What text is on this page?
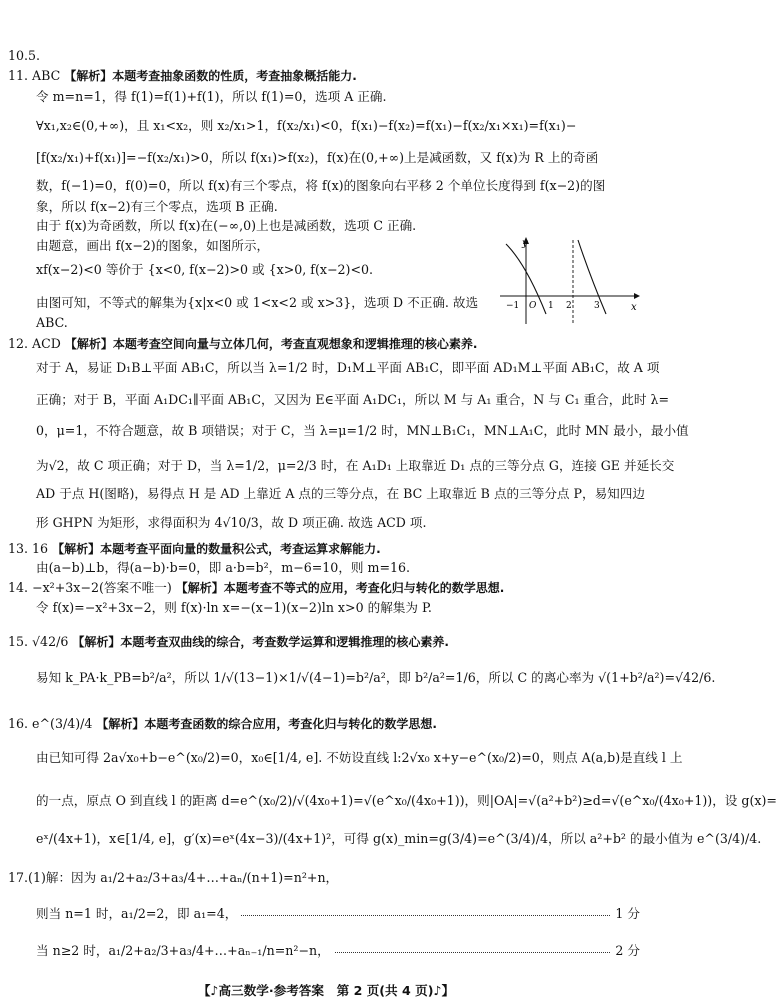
10.5.
11. ABC 【解析】本题考查抽象函数的性质，考查抽象概括能力.
令 m=n=1，得 f(1)=f(1)+f(1)，所以 f(1)=0，选项 A 正确.
∀x₁,x₂∈(0,+∞)，且 x₁<x₂，则 x₂/x₁>1，f(x₂/x₁)<0，f(x₁)−f(x₂)=f(x₁)−f(x₂/x₁×x₁)=f(x₁)−
[f(x₂/x₁)+f(x₁)]=−f(x₂/x₁)>0，所以 f(x₁)>f(x₂)，f(x)在(0,+∞)上是减函数，又 f(x)为 R 上的奇函
数，f(−1)=0，f(0)=0，所以 f(x)有三个零点，将 f(x)的图象向右平移 2 个单位长度得到 f(x−2)的图
象，所以 f(x−2)有三个零点，选项 B 正确.
由于 f(x)为奇函数，所以 f(x)在(−∞,0)上也是减函数，选项 C 正确.
由题意，画出 f(x−2)的图象，如图所示，
xf(x−2)<0 等价于 {x<0, f(x−2)>0 或 {x>0, f(x−2)<0.
由图可知，不等式的解集为{x|x<0 或 1<x<2 或 x>3}，选项 D 不正确. 故选
ABC.
12. ACD 【解析】本题考查空间向量与立体几何，考查直观想象和逻辑推理的核心素养.
对于 A，易证 D₁B⊥平面 AB₁C，所以当 λ=1/2 时，D₁M⊥平面 AB₁C，即平面 AD₁M⊥平面 AB₁C，故 A 项
正确；对于 B，平面 A₁DC₁∥平面 AB₁C，又因为 E∈平面 A₁DC₁，所以 M 与 A₁ 重合，N 与 C₁ 重合，此时 λ=
0，μ=1，不符合题意，故 B 项错误；对于 C，当 λ=μ=1/2 时，MN⊥B₁C₁，MN⊥A₁C，此时 MN 最小，最小值
为√2，故 C 项正确；对于 D，当 λ=1/2，μ=2/3 时，在 A₁D₁ 上取靠近 D₁ 点的三等分点 G，连接 GE 并延长交
AD 于点 H(图略)，易得点 H 是 AD 上靠近 A 点的三等分点，在 BC 上取靠近 B 点的三等分点 P，易知四边
形 GHPN 为矩形，求得面积为 4√10/3，故 D 项正确. 故选 ACD 项.
13. 16 【解析】本题考查平面向量的数量积公式，考查运算求解能力.
由(a−b)⊥b，得(a−b)·b=0，即 a·b=b²，m−6=10，则 m=16.
14. −x²+3x−2(答案不唯一) 【解析】本题考查不等式的应用，考查化归与转化的数学思想.
令 f(x)=−x²+3x−2，则 f(x)·ln x=−(x−1)(x−2)ln x>0 的解集为 P.
15. √42/6 【解析】本题考查双曲线的综合，考查数学运算和逻辑推理的核心素养.
易知 k_PA·k_PB=b²/a²，所以 1/√(13−1)×1/√(4−1)=b²/a²，即 b²/a²=1/6，所以 C 的离心率为 √(1+b²/a²)=√42/6.
16. e^(3/4)/4 【解析】本题考查函数的综合应用，考查化归与转化的数学思想.
由已知可得 2a√x₀+b−e^(x₀/2)=0，x₀∈[1/4, e]. 不妨设直线 l:2√x₀ x+y−e^(x₀/2)=0，则点 A(a,b)是直线 l 上
的一点，原点 O 到直线 l 的距离 d=e^(x₀/2)/√(4x₀+1)=√(e^x₀/(4x₀+1))，则|OA|=√(a²+b²)≥d=√(e^x₀/(4x₀+1))，设 g(x)=
eˣ/(4x+1)，x∈[1/4, e]，g′(x)=eˣ(4x−3)/(4x+1)²，可得 g(x)_min=g(3/4)=e^(3/4)/4，所以 a²+b² 的最小值为 e^(3/4)/4.
17.(1)解：因为 a₁/2+a₂/3+a₃/4+…+aₙ/(n+1)=n²+n，
则当 n=1 时，a₁/2=2，即 a₁=4，	1 分
当 n≥2 时，a₁/2+a₂/3+a₃/4+…+aₙ₋₁/n=n²−n，	2 分
y
x
O
−1	1 2 3
【♪高三数学·参考答案　第 2 页(共 4 页)♪】
